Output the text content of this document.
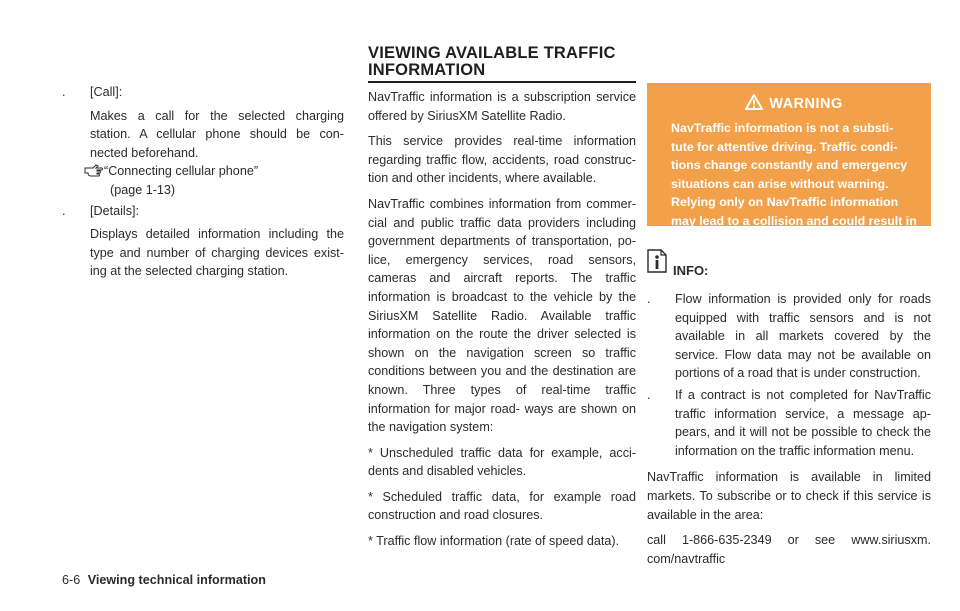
. [Call]:

Makes a call for the selected charging station. A cellular phone should be con- nected beforehand.

“Connecting cellular phone”

(page 1-13)

. [Details]:

Displays detailed information including the type and number of charging devices exist- ing at the selected charging station.

VIEWING AVAILABLE TRAFFIC
INFORMATION

NavTraffic information is a subscription service offered by SiriusXM Satellite Radio.

This service provides real-time information regarding traffic flow, accidents, road construc- tion and other incidents, where available.

NavTraffic combines information from commer- cial and public traffic data providers including government departments of transportation, po- lice, emergency services, road sensors, cameras and aircraft reports. The traffic information is broadcast to the vehicle by the SiriusXM Satellite Radio. Available traffic information on the route the driver selected is shown on the navigation screen so traffic conditions between you and the destination are known. Three types of real-time traffic information for major road- ways are shown on the navigation system:

* Unscheduled traffic data for example, acci- dents and disabled vehicles.

* Scheduled traffic data, for example road construction and road closures.

* Traffic flow information (rate of speed data).

WARNING

NavTraffic information is not a substi- tute for attentive driving. Traffic condi- tions change constantly and emergency situations can arise without warning. Relying only on NavTraffic information may lead to a collision and could result in serious personal injury.

INFO:
. Flow information is provided only for roads equipped with traffic sensors and is not available in all markets covered by the service. Flow data may not be available on portions of a road that is under construction.

. If a contract is not completed for NavTraffic traffic information service, a message ap- pears, and it will not be possible to check the information on the traffic information menu.

NavTraffic information is available in limited markets. To subscribe or to check if this service is available in the area:

call 1-866-635-2349 or see www.siriusxm. com/navtraffic

6-6 Viewing technical information
